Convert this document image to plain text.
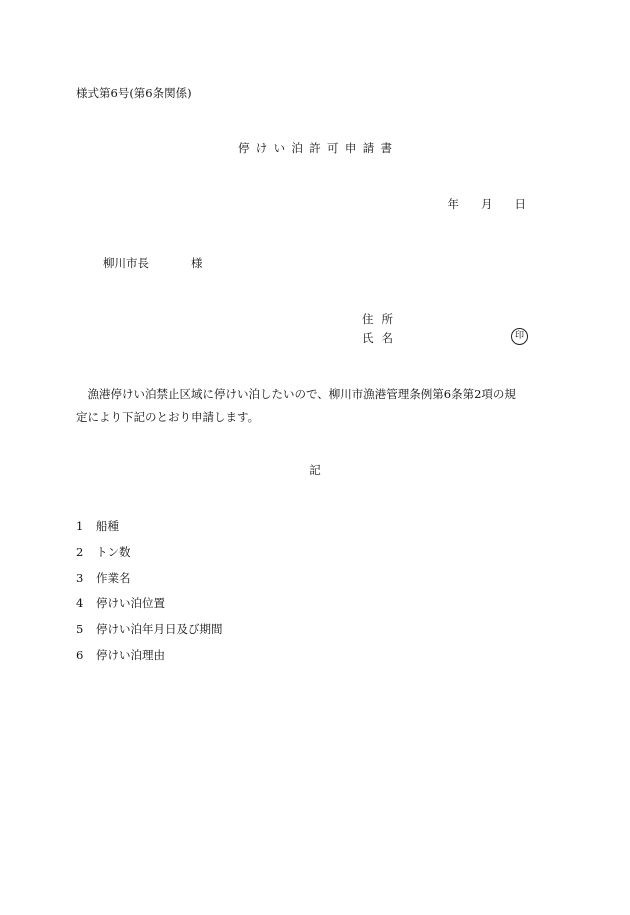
様式第6号(第6条関係)
停けい泊許可申請書
年 月 日
柳川市長	様
住所
氏名	印
漁港停けい泊禁止区域に停けい泊したいので、柳川市漁港管理条例第6条第2項の規定により下記のとおり申請します。
記
1 船種
2 トン数
3 作業名
4 停けい泊位置
5 停けい泊年月日及び期間
6 停けい泊理由
